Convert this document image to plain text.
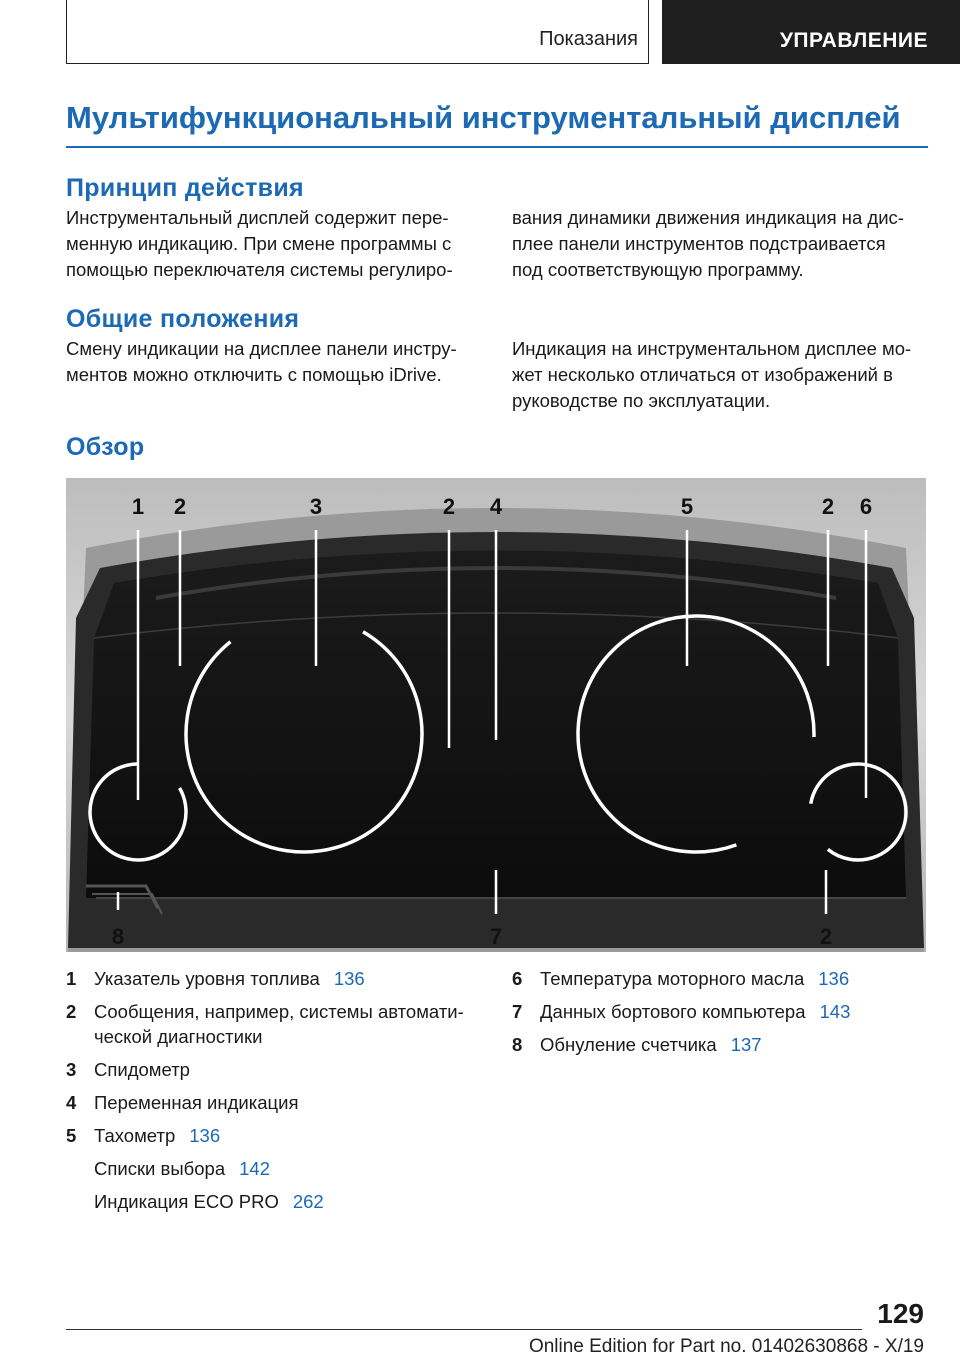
Показания	УПРАВЛЕНИЕ
Мультифункциональный инструментальный дисплей
Принцип действия
Инструментальный дисплей содержит пере-
менную индикацию. При смене программы с
помощью переключателя системы регулиро-
вания динамики движения индикация на дис-
плее панели инструментов подстраивается
под соответствующую программу.
Общие положения
Смену индикации на дисплее панели инстру-
ментов можно отключить с помощью iDrive.
Индикация на инструментальном дисплее мо-
жет несколько отличаться от изображений в
руководстве по эксплуатации.
Обзор
1 2	3	2 4	5	2 6
8	7	2
1 Указатель уровня топлива 136
2 Сообщения, например, системы автомати-
ческой диагностики
3 Спидометр
4 Переменная индикация
5 Тахометр 136
Списки выбора 142
Индикация ECO PRO 262
6 Температура моторного масла 136
7 Данных бортового компьютера 143
8 Обнуление счетчика 137
129
Online Edition for Part no. 01402630868 - X/19
